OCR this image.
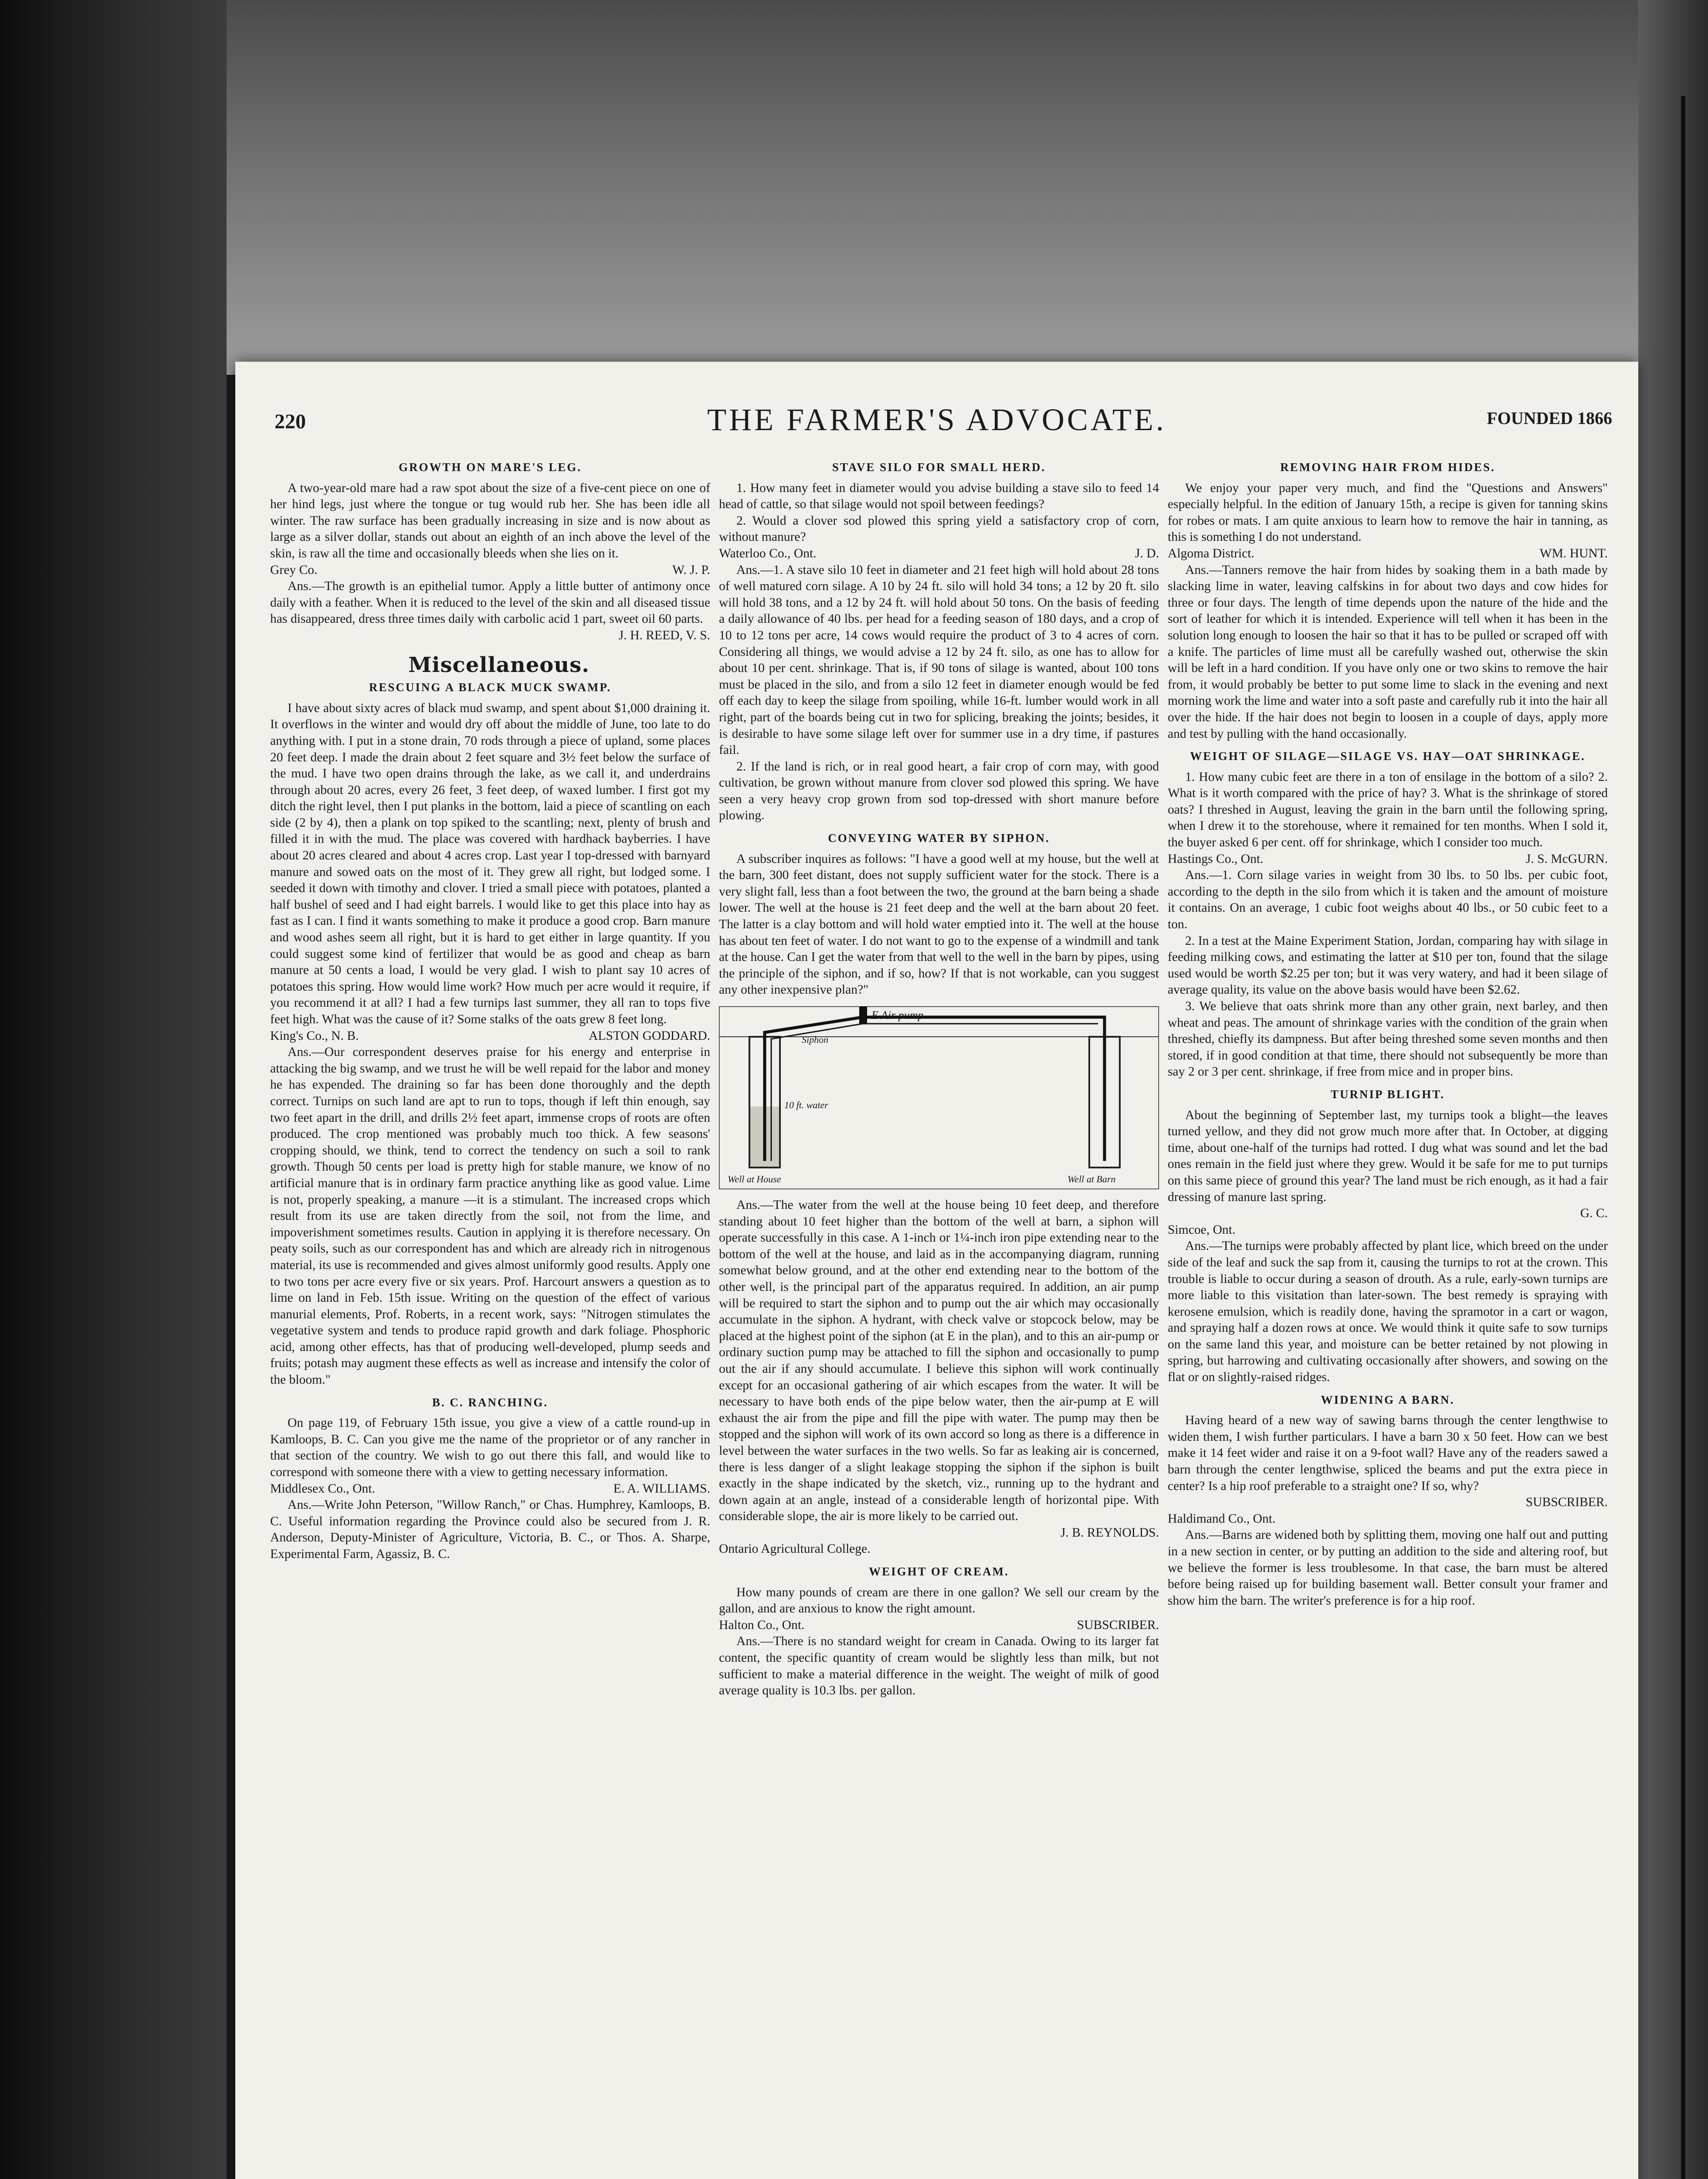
220	THE FARMER'S ADVOCATE.	FOUNDED 1866

GROWTH ON MARE'S LEG.

A two-year-old mare had a raw spot about the size of a five-cent piece on one of her hind legs, just where the tongue or tug would rub her. She has been idle all winter. The raw surface has been gradually increasing in size and is now about as large as a silver dollar, stands out about an eighth of an inch above the level of the skin, is raw all the time and occasionally bleeds when she lies on it.

Grey Co.	W. J. P.

Ans.—The growth is an epithelial tumor. Apply a little butter of antimony once daily with a feather. When it is reduced to the level of the skin and all diseased tissue has disappeared, dress three times daily with carbolic acid 1 part, sweet oil 60 parts.

J. H. REED, V. S.

Miscellaneous.

RESCUING A BLACK MUCK SWAMP.

I have about sixty acres of black mud swamp, and spent about $1,000 draining it. It overflows in the winter and would dry off about the middle of June, too late to do anything with. I put in a stone drain, 70 rods through a piece of upland, some places 20 feet deep. I made the drain about 2 feet square and 3½ feet below the surface of the mud. I have two open drains through the lake, as we call it, and underdrains through about 20 acres, every 26 feet, 3 feet deep, of waxed lumber. I first got my ditch the right level, then I put planks in the bottom, laid a piece of scantling on each side (2 by 4), then a plank on top spiked to the scantling; next, plenty of brush and filled it in with the mud. The place was covered with hardhack bayberries. I have about 20 acres cleared and about 4 acres crop. Last year I top-dressed with barnyard manure and sowed oats on the most of it. They grew all right, but lodged some. I seeded it down with timothy and clover. I tried a small piece with potatoes, planted a half bushel of seed and I had eight barrels. I would like to get this place into hay as fast as I can. I find it wants something to make it produce a good crop. Barn manure and wood ashes seem all right, but it is hard to get either in large quantity. If you could suggest some kind of fertilizer that would be as good and cheap as barn manure at 50 cents a load, I would be very glad. I wish to plant say 10 acres of potatoes this spring. How would lime work? How much per acre would it require, if you recommend it at all? I had a few turnips last summer, they all ran to tops five feet high. What was the cause of it? Some stalks of the oats grew 8 feet long.

King's Co., N. B.	ALSTON GODDARD.

Ans.—Our correspondent deserves praise for his energy and enterprise in attacking the big swamp, and we trust he will be well repaid for the labor and money he has expended. The draining so far has been done thoroughly and the depth correct. Turnips on such land are apt to run to tops, though if left thin enough, say two feet apart in the drill, and drills 2½ feet apart, immense crops of roots are often produced. The crop mentioned was probably much too thick. A few seasons' cropping should, we think, tend to correct the tendency on such a soil to rank growth. Though 50 cents per load is pretty high for stable manure, we know of no artificial manure that is in ordinary farm practice anything like as good value. Lime is not, properly speaking, a manure —it is a stimulant. The increased crops which result from its use are taken directly from the soil, not from the lime, and impoverishment sometimes results. Caution in applying it is therefore necessary. On peaty soils, such as our correspondent has and which are already rich in nitrogenous material, its use is recommended and gives almost uniformly good results. Apply one to two tons per acre every five or six years. Prof. Harcourt answers a question as to lime on land in Feb. 15th issue. Writing on the question of the effect of various manurial elements, Prof. Roberts, in a recent work, says: "Nitrogen stimulates the vegetative system and tends to produce rapid growth and dark foliage. Phosphoric acid, among other effects, has that of producing well-developed, plump seeds and fruits; potash may augment these effects as well as increase and intensify the color of the bloom."

B. C. RANCHING.

On page 119, of February 15th issue, you give a view of a cattle round-up in Kamloops, B. C. Can you give me the name of the proprietor or of any rancher in that section of the country. We wish to go out there this fall, and would like to correspond with someone there with a view to getting necessary information.

Middlesex Co., Ont.	E. A. WILLIAMS.

Ans.—Write John Peterson, "Willow Ranch," or Chas. Humphrey, Kamloops, B. C. Useful information regarding the Province could also be secured from J. R. Anderson, Deputy-Minister of Agriculture, Victoria, B. C., or Thos. A. Sharpe, Experimental Farm, Agassiz, B. C.

STAVE SILO FOR SMALL HERD.

1. How many feet in diameter would you advise building a stave silo to feed 14 head of cattle, so that silage would not spoil between feedings?

2. Would a clover sod plowed this spring yield a satisfactory crop of corn, without manure?

Waterloo Co., Ont.	J. D.

Ans.—1. A stave silo 10 feet in diameter and 21 feet high will hold about 28 tons of well matured corn silage. A 10 by 24 ft. silo will hold 34 tons; a 12 by 20 ft. silo will hold 38 tons, and a 12 by 24 ft. will hold about 50 tons. On the basis of feeding a daily allowance of 40 lbs. per head for a feeding season of 180 days, and a crop of 10 to 12 tons per acre, 14 cows would require the product of 3 to 4 acres of corn. Considering all things, we would advise a 12 by 24 ft. silo, as one has to allow for about 10 per cent. shrinkage. That is, if 90 tons of silage is wanted, about 100 tons must be placed in the silo, and from a silo 12 feet in diameter enough would be fed off each day to keep the silage from spoiling, while 16-ft. lumber would work in all right, part of the boards being cut in two for splicing, breaking the joints; besides, it is desirable to have some silage left over for summer use in a dry time, if pastures fail.

2. If the land is rich, or in real good heart, a fair crop of corn may, with good cultivation, be grown without manure from clover sod plowed this spring. We have seen a very heavy crop grown from sod top-dressed with short manure before plowing.

CONVEYING WATER BY SIPHON.

A subscriber inquires as follows: "I have a good well at my house, but the well at the barn, 300 feet distant, does not supply sufficient water for the stock. There is a very slight fall, less than a foot between the two, the ground at the barn being a shade lower. The well at the house is 21 feet deep and the well at the barn about 20 feet. The latter is a clay bottom and will hold water emptied into it. The well at the house has about ten feet of water. I do not want to go to the expense of a windmill and tank at the house. Can I get the water from that well to the well in the barn by pipes, using the principle of the siphon, and if so, how? If that is not workable, can you suggest any other inexpensive plan?"

E Air pump
Siphon
10 ft. water
Well at House	Well at Barn

Ans.—The water from the well at the house being 10 feet deep, and therefore standing about 10 feet higher than the bottom of the well at barn, a siphon will operate successfully in this case. A 1-inch or 1¼-inch iron pipe extending near to the bottom of the well at the house, and laid as in the accompanying diagram, running somewhat below ground, and at the other end extending near to the bottom of the other well, is the principal part of the apparatus required. In addition, an air pump will be required to start the siphon and to pump out the air which may occasionally accumulate in the siphon. A hydrant, with check valve or stopcock below, may be placed at the highest point of the siphon (at E in the plan), and to this an air-pump or ordinary suction pump may be attached to fill the siphon and occasionally to pump out the air if any should accumulate. I believe this siphon will work continually except for an occasional gathering of air which escapes from the water. It will be necessary to have both ends of the pipe below water, then the air-pump at E will exhaust the air from the pipe and fill the pipe with water. The pump may then be stopped and the siphon will work of its own accord so long as there is a difference in level between the water surfaces in the two wells. So far as leaking air is concerned, there is less danger of a slight leakage stopping the siphon if the siphon is built exactly in the shape indicated by the sketch, viz., running up to the hydrant and down again at an angle, instead of a considerable length of horizontal pipe. With considerable slope, the air is more likely to be carried out.

J. B. REYNOLDS.

Ontario Agricultural College.

WEIGHT OF CREAM.

How many pounds of cream are there in one gallon? We sell our cream by the gallon, and are anxious to know the right amount.

Halton Co., Ont.	SUBSCRIBER.

Ans.—There is no standard weight for cream in Canada. Owing to its larger fat content, the specific quantity of cream would be slightly less than milk, but not sufficient to make a material difference in the weight. The weight of milk of good average quality is 10.3 lbs. per gallon.

REMOVING HAIR FROM HIDES.

We enjoy your paper very much, and find the "Questions and Answers" especially helpful. In the edition of January 15th, a recipe is given for tanning skins for robes or mats. I am quite anxious to learn how to remove the hair in tanning, as this is something I do not understand.

Algoma District.	WM. HUNT.

Ans.—Tanners remove the hair from hides by soaking them in a bath made by slacking lime in water, leaving calfskins in for about two days and cow hides for three or four days. The length of time depends upon the nature of the hide and the sort of leather for which it is intended. Experience will tell when it has been in the solution long enough to loosen the hair so that it has to be pulled or scraped off with a knife. The particles of lime must all be carefully washed out, otherwise the skin will be left in a hard condition. If you have only one or two skins to remove the hair from, it would probably be better to put some lime to slack in the evening and next morning work the lime and water into a soft paste and carefully rub it into the hair all over the hide. If the hair does not begin to loosen in a couple of days, apply more and test by pulling with the hand occasionally.

WEIGHT OF SILAGE—SILAGE VS. HAY—OAT SHRINKAGE.

1. How many cubic feet are there in a ton of ensilage in the bottom of a silo? 2. What is it worth compared with the price of hay? 3. What is the shrinkage of stored oats? I threshed in August, leaving the grain in the barn until the following spring, when I drew it to the storehouse, where it remained for ten months. When I sold it, the buyer asked 6 per cent. off for shrinkage, which I consider too much.

Hastings Co., Ont.	J. S. McGURN.

Ans.—1. Corn silage varies in weight from 30 lbs. to 50 lbs. per cubic foot, according to the depth in the silo from which it is taken and the amount of moisture it contains. On an average, 1 cubic foot weighs about 40 lbs., or 50 cubic feet to a ton.

2. In a test at the Maine Experiment Station, Jordan, comparing hay with silage in feeding milking cows, and estimating the latter at $10 per ton, found that the silage used would be worth $2.25 per ton; but it was very watery, and had it been silage of average quality, its value on the above basis would have been $2.62.

3. We believe that oats shrink more than any other grain, next barley, and then wheat and peas. The amount of shrinkage varies with the condition of the grain when threshed, chiefly its dampness. But after being threshed some seven months and then stored, if in good condition at that time, there should not subsequently be more than say 2 or 3 per cent. shrinkage, if free from mice and in proper bins.

TURNIP BLIGHT.

About the beginning of September last, my turnips took a blight—the leaves turned yellow, and they did not grow much more after that. In October, at digging time, about one-half of the turnips had rotted. I dug what was sound and let the bad ones remain in the field just where they grew. Would it be safe for me to put turnips on this same piece of ground this year? The land must be rich enough, as it had a fair dressing of manure last spring.

G. C.

Simcoe, Ont.

Ans.—The turnips were probably affected by plant lice, which breed on the under side of the leaf and suck the sap from it, causing the turnips to rot at the crown. This trouble is liable to occur during a season of drouth. As a rule, early-sown turnips are more liable to this visitation than later-sown. The best remedy is spraying with kerosene emulsion, which is readily done, having the spramotor in a cart or wagon, and spraying half a dozen rows at once. We would think it quite safe to sow turnips on the same land this year, and moisture can be better retained by not plowing in spring, but harrowing and cultivating occasionally after showers, and sowing on the flat or on slightly-raised ridges.

WIDENING A BARN.

Having heard of a new way of sawing barns through the center lengthwise to widen them, I wish further particulars. I have a barn 30 x 50 feet. How can we best make it 14 feet wider and raise it on a 9-foot wall? Have any of the readers sawed a barn through the center lengthwise, spliced the beams and put the extra piece in center? Is a hip roof preferable to a straight one? If so, why?

SUBSCRIBER.

Haldimand Co., Ont.

Ans.—Barns are widened both by splitting them, moving one half out and putting in a new section in center, or by putting an addition to the side and altering roof, but we believe the former is less troublesome. In that case, the barn must be altered before being raised up for building basement wall. Better consult your framer and show him the barn. The writer's preference is for a hip roof.
